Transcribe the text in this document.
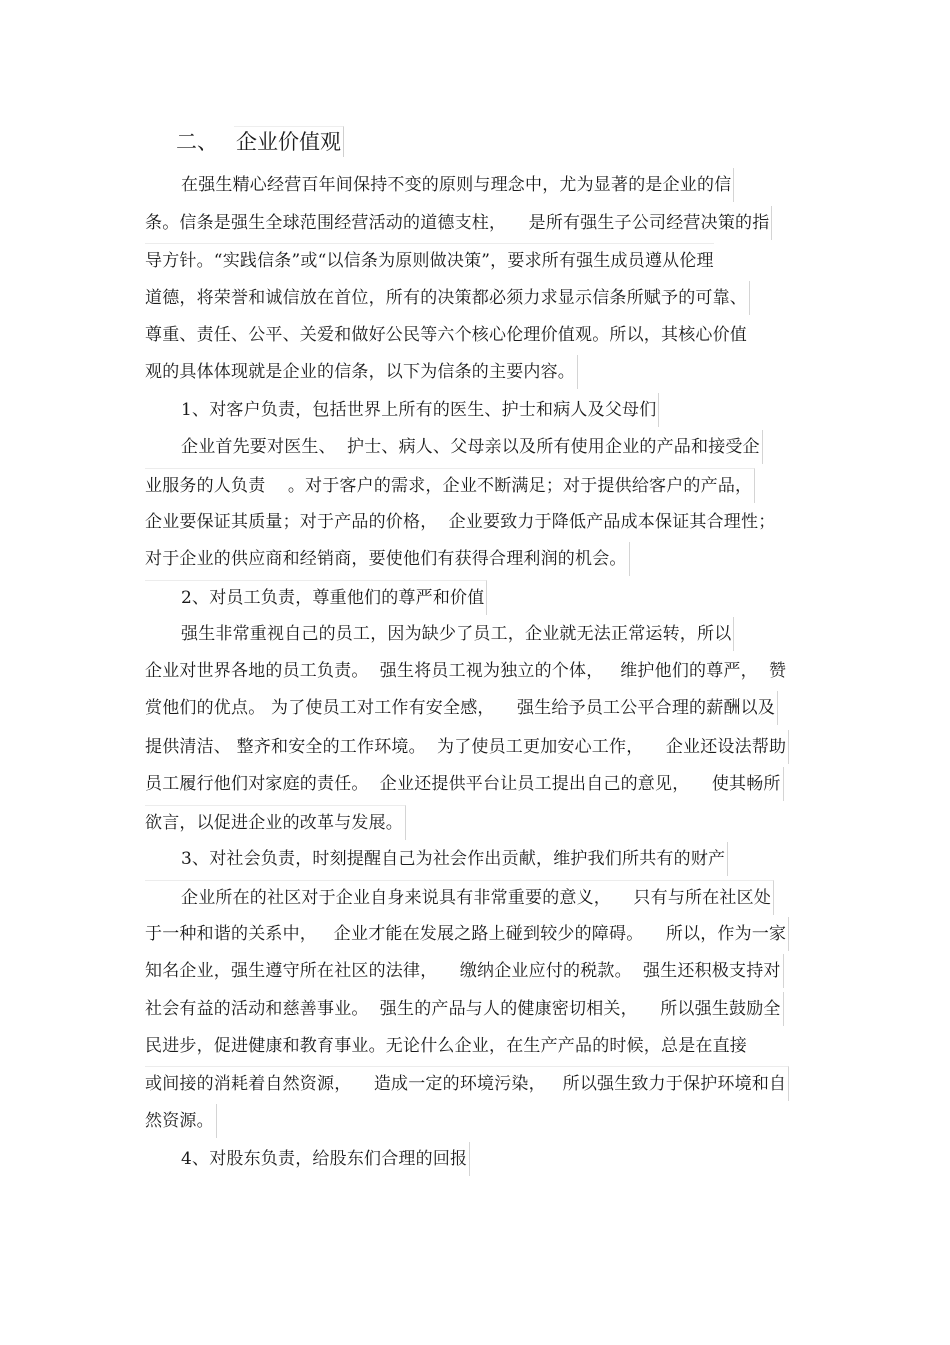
二、 企业价值观
在强生精心经营百年间保持不变的原则与理念中，尤为显著的是企业的信
条。信条是强生全球范围经营活动的道德支柱，    是所有强生子公司经营决策的指
导方针。“实践信条”或“以信条为原则做决策”，要求所有强生成员遵从伦理
道德，将荣誉和诚信放在首位，所有的决策都必须力求显示信条所赋予的可靠、
尊重、责任、公平、关爱和做好公民等六个核心伦理价值观。所以，其核心价值
观的具体体现就是企业的信条，以下为信条的主要内容。
1、对客户负责，包括世界上所有的医生、护士和病人及父母们
企业首先要对医生、  护士、病人、父母亲以及所有使用企业的产品和接受企
业服务的人负责    。对于客户的需求，企业不断满足；对于提供给客户的产品，
企业要保证其质量；对于产品的价格，  企业要致力于降低产品成本保证其合理性；
对于企业的供应商和经销商，要使他们有获得合理利润的机会。
2、对员工负责，尊重他们的尊严和价值
强生非常重视自己的员工，因为缺少了员工，企业就无法正常运转，所以
企业对世界各地的员工负责。  强生将员工视为独立的个体，   维护他们的尊严，  赞
赏他们的优点。 为了使员工对工作有安全感，    强生给予员工公平合理的薪酬以及
提供清洁、 整齐和安全的工作环境。  为了使员工更加安心工作，    企业还设法帮助
员工履行他们对家庭的责任。  企业还提供平台让员工提出自己的意见，    使其畅所
欲言，以促进企业的改革与发展。
3、对社会负责，时刻提醒自己为社会作出贡献，维护我们所共有的财产
企业所在的社区对于企业自身来说具有非常重要的意义，    只有与所在社区处
于一种和谐的关系中，   企业才能在发展之路上碰到较少的障碍。    所以，作为一家
知名企业，强生遵守所在社区的法律，    缴纳企业应付的税款。  强生还积极支持对
社会有益的活动和慈善事业。  强生的产品与人的健康密切相关，    所以强生鼓励全
民进步，促进健康和教育事业。无论什么企业，在生产产品的时候，总是在直接
或间接的消耗着自然资源，    造成一定的环境污染，   所以强生致力于保护环境和自
然资源。
4、对股东负责，给股东们合理的回报
